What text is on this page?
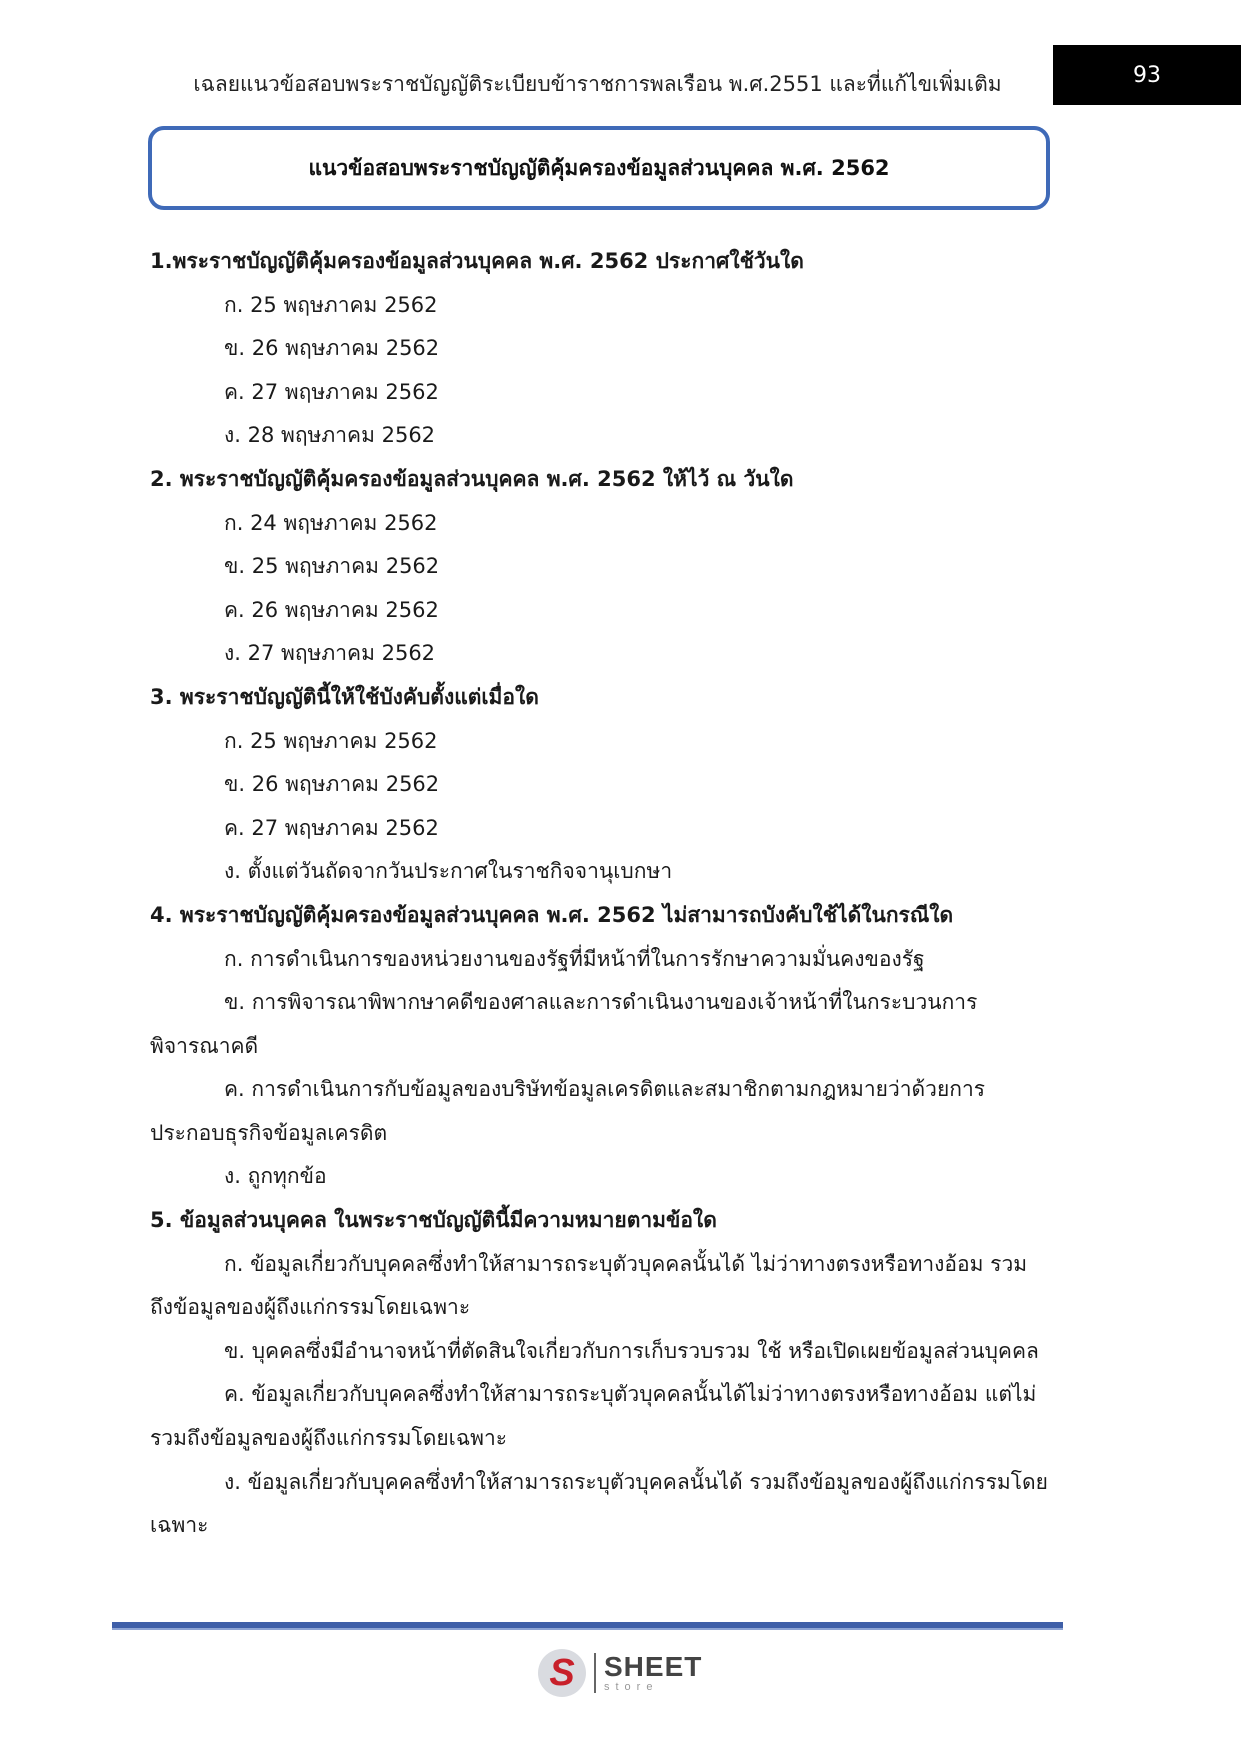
เฉลยแนวข้อสอบพระราชบัญญัติระเบียบข้าราชการพลเรือน พ.ศ.2551 และที่แก้ไขเพิ่มเติม	93
แนวข้อสอบพระราชบัญญัติคุ้มครองข้อมูลส่วนบุคคล พ.ศ. 2562
1.พระราชบัญญัติคุ้มครองข้อมูลส่วนบุคคล พ.ศ. 2562 ประกาศใช้วันใด
ก. 25 พฤษภาคม 2562
ข. 26 พฤษภาคม 2562
ค. 27 พฤษภาคม 2562
ง. 28 พฤษภาคม 2562
2. พระราชบัญญัติคุ้มครองข้อมูลส่วนบุคคล พ.ศ. 2562 ให้ไว้ ณ วันใด
ก. 24 พฤษภาคม 2562
ข. 25 พฤษภาคม 2562
ค. 26 พฤษภาคม 2562
ง. 27 พฤษภาคม 2562
3. พระราชบัญญัตินี้ให้ใช้บังคับตั้งแต่เมื่อใด
ก. 25 พฤษภาคม 2562
ข. 26 พฤษภาคม 2562
ค. 27 พฤษภาคม 2562
ง. ตั้งแต่วันถัดจากวันประกาศในราชกิจจานุเบกษา
4. พระราชบัญญัติคุ้มครองข้อมูลส่วนบุคคล พ.ศ. 2562 ไม่สามารถบังคับใช้ได้ในกรณีใด
ก. การดำเนินการของหน่วยงานของรัฐที่มีหน้าที่ในการรักษาความมั่นคงของรัฐ
ข. การพิจารณาพิพากษาคดีของศาลและการดำเนินงานของเจ้าหน้าที่ในกระบวนการพิจารณาคดี
ค. การดำเนินการกับข้อมูลของบริษัทข้อมูลเครดิตและสมาชิกตามกฎหมายว่าด้วยการประกอบธุรกิจข้อมูลเครดิต
ง. ถูกทุกข้อ
5. ข้อมูลส่วนบุคคล ในพระราชบัญญัตินี้มีความหมายตามข้อใด
ก. ข้อมูลเกี่ยวกับบุคคลซึ่งทำให้สามารถระบุตัวบุคคลนั้นได้ ไม่ว่าทางตรงหรือทางอ้อม รวมถึงข้อมูลของผู้ถึงแก่กรรมโดยเฉพาะ
ข. บุคคลซึ่งมีอำนาจหน้าที่ตัดสินใจเกี่ยวกับการเก็บรวบรวม ใช้ หรือเปิดเผยข้อมูลส่วนบุคคล
ค. ข้อมูลเกี่ยวกับบุคคลซึ่งทำให้สามารถระบุตัวบุคคลนั้นได้ไม่ว่าทางตรงหรือทางอ้อม แต่ไม่รวมถึงข้อมูลของผู้ถึงแก่กรรมโดยเฉพาะ
ง. ข้อมูลเกี่ยวกับบุคคลซึ่งทำให้สามารถระบุตัวบุคคลนั้นได้ รวมถึงข้อมูลของผู้ถึงแก่กรรมโดยเฉพาะ
S SHEET
store
